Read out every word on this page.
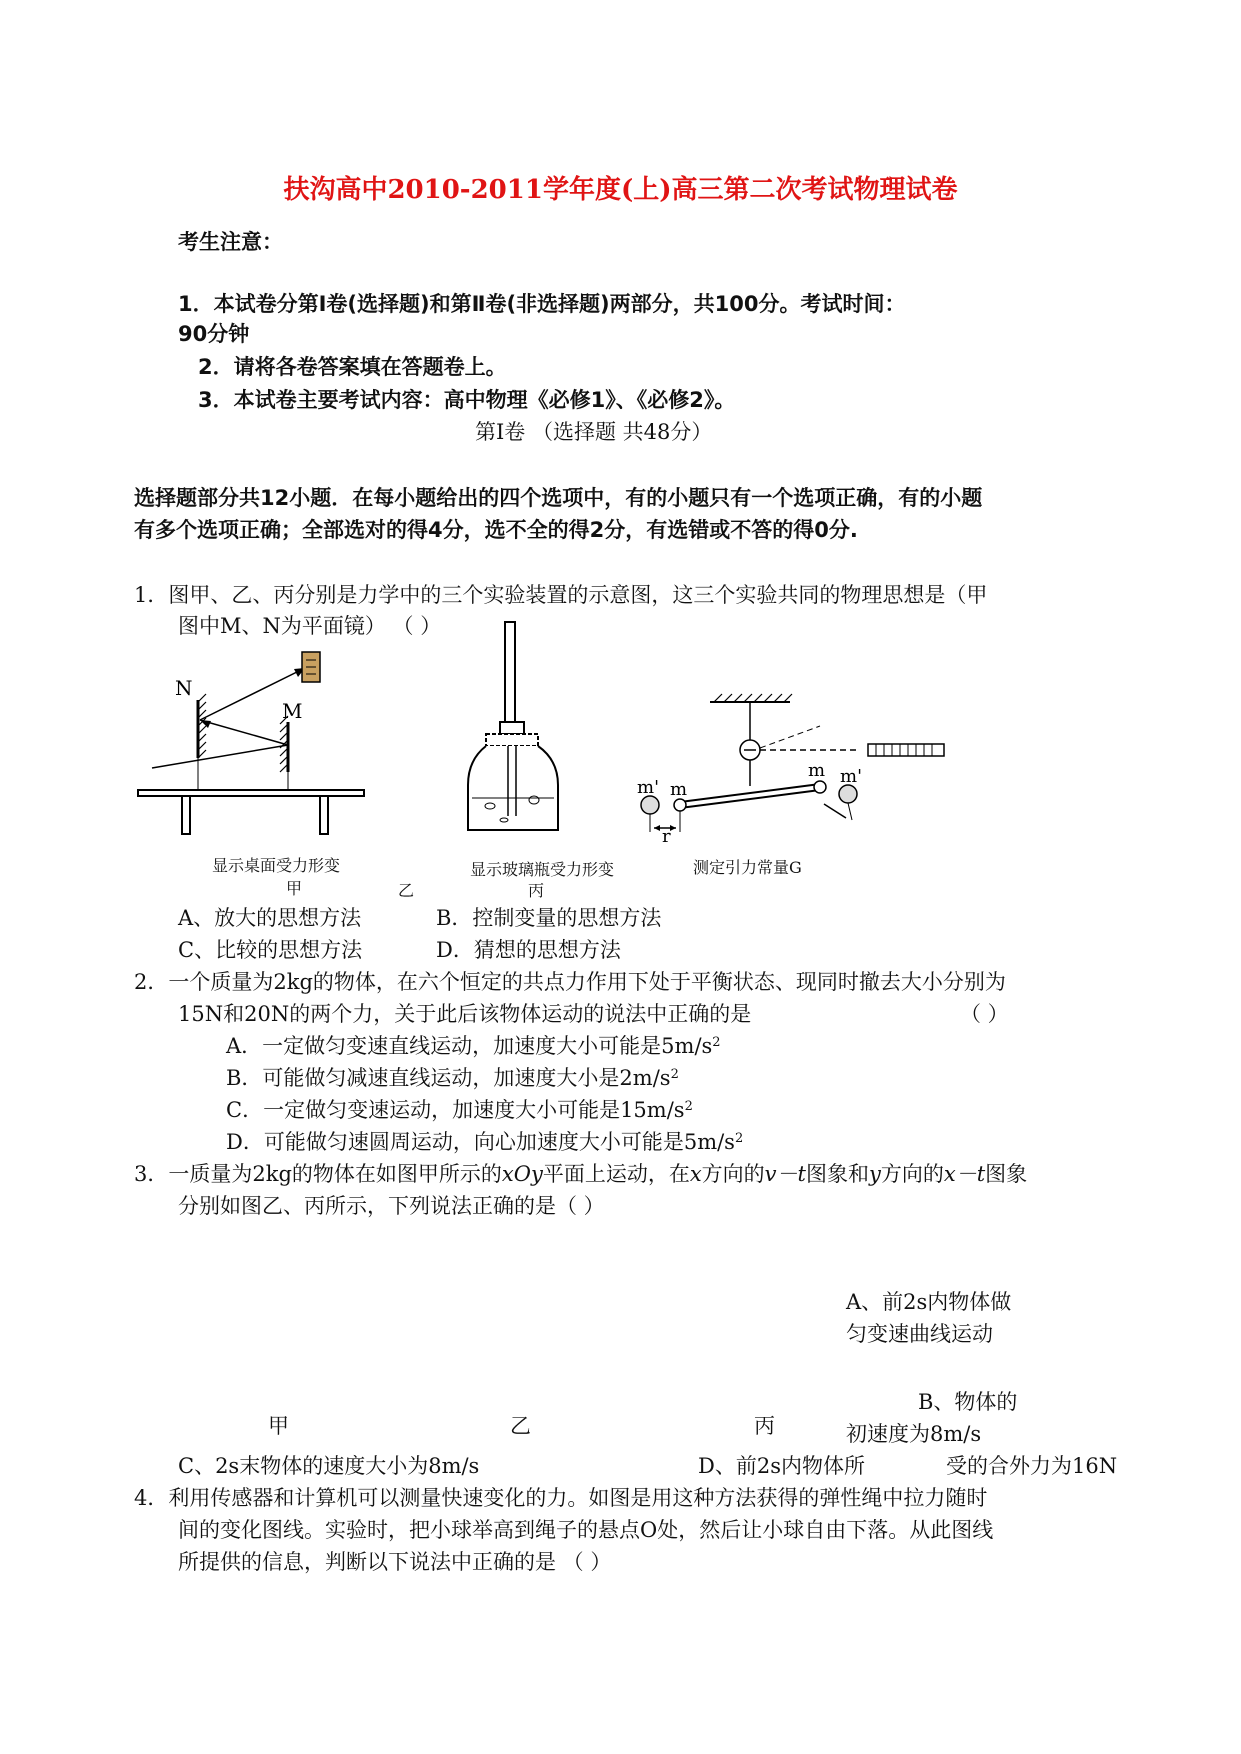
扶沟高中2010-2011学年度(上)高三第二次考试物理试卷
考生注意：
1．本试卷分第Ⅰ卷(选择题)和第Ⅱ卷(非选择题)两部分，共100分。考试时间：
90分钟
2．请将各卷答案填在答题卷上。
3．本试卷主要考试内容：高中物理《必修1》、《必修2》。
第Ⅰ卷 （选择题 共48分）
选择题部分共12小题．在每小题给出的四个选项中，有的小题只有一个选项正确，有的小题
有多个选项正确；全部选对的得4分，选不全的得2分，有选错或不答的得0分.
1．图甲、乙、丙分别是力学中的三个实验装置的示意图，这三个实验共同的物理思想是（甲
图中M、N为平面镜） （ ）
N
M
m' m
m m'
r
显示桌面受力形变	显示玻璃瓶受力形变	测定引力常量G
甲	乙	丙
A、放大的思想方法	B．控制变量的思想方法
C、比较的思想方法	D．猜想的思想方法
2．一个质量为2kg的物体，在六个恒定的共点力作用下处于平衡状态、现同时撤去大小分别为
15N和20N的两个力，关于此后该物体运动的说法中正确的是	（ ）
A．一定做匀变速直线运动，加速度大小可能是$5m/s^2$
B．可能做匀减速直线运动，加速度大小是$2m/s^2$
C．一定做匀变速运动，加速度大小可能是$15m/s^2$
D．可能做匀速圆周运动，向心加速度大小可能是$5m/s^2$
3．一质量为2kg的物体在如图甲所示的xOy平面上运动，在x方向的v－t图象和y方向的x－t图象
分别如图乙、丙所示，下列说法正确的是（ ）
A、前2s内物体做
匀变速曲线运动
B、物体的
初速度为8m/s
甲	乙	丙
C、2s末物体的速度大小为8m/s	D、前2s内物体所	受的合外力为16N
4．利用传感器和计算机可以测量快速变化的力。如图是用这种方法获得的弹性绳中拉力随时
间的变化图线。实验时，把小球举高到绳子的悬点O处，然后让小球自由下落。从此图线
所提供的信息，判断以下说法中正确的是 （ ）
